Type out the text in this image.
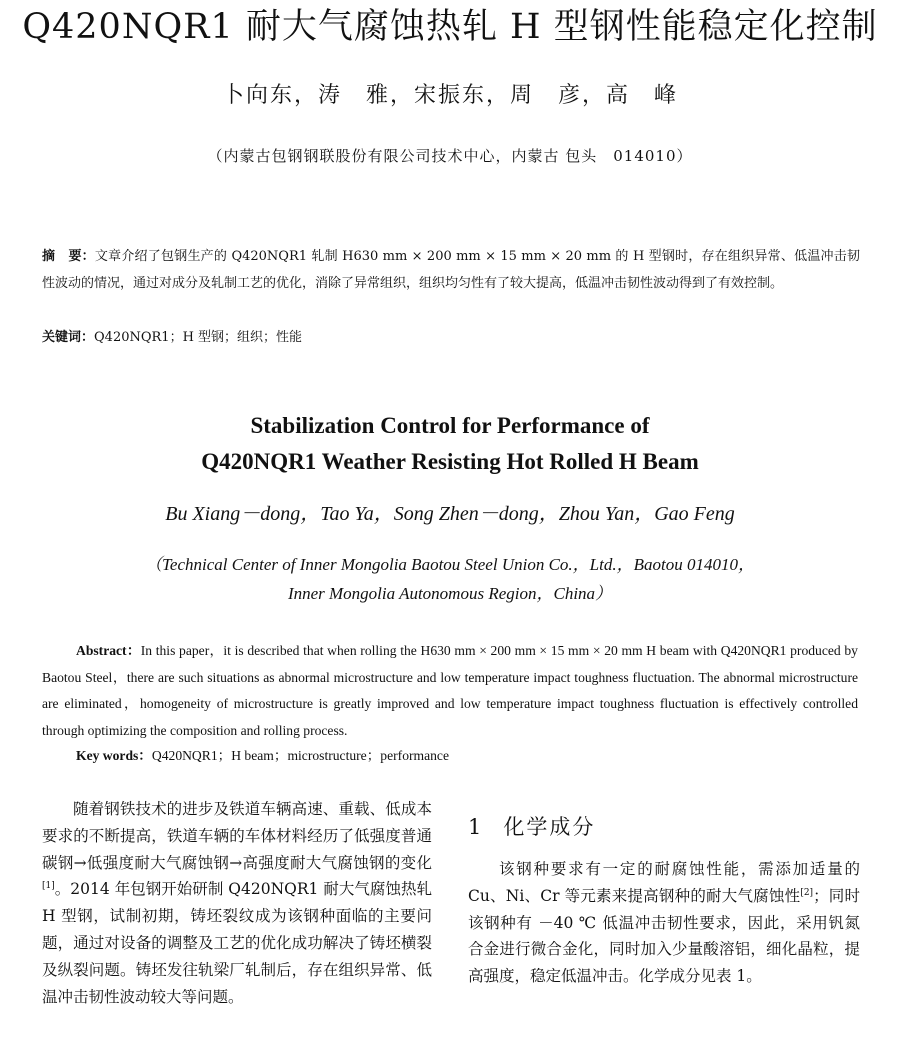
Q420NQR1 耐大气腐蚀热轧 H 型钢性能稳定化控制
卜向东，涛　雅，宋振东，周　彦，高　峰
（内蒙古包钢钢联股份有限公司技术中心，内蒙古 包头　014010）
摘　要：文章介绍了包钢生产的 Q420NQR1 轧制 H630 mm × 200 mm × 15 mm × 20 mm 的 H 型钢时，存在组织异常、低温冲击韧性波动的情况，通过对成分及轧制工艺的优化，消除了异常组织，组织均匀性有了较大提高，低温冲击韧性波动得到了有效控制。
关键词：Q420NQR1；H 型钢；组织；性能
Stabilization Control for Performance of
Q420NQR1 Weather Resisting Hot Rolled H Beam
Bu Xiang－dong，Tao Ya，Song Zhen－dong，Zhou Yan，Gao Feng
（Technical Center of Inner Mongolia Baotou Steel Union Co.，Ltd.，Baotou 014010，
Inner Mongolia Autonomous Region，China）
Abstract：In this paper，it is described that when rolling the H630 mm × 200 mm × 15 mm × 20 mm H beam with Q420NQR1 produced by Baotou Steel，there are such situations as abnormal microstructure and low temperature impact toughness fluctuation. The abnormal microstructure are eliminated，homogeneity of microstructure is greatly improved and low temperature impact toughness fluctuation is effectively controlled through optimizing the composition and rolling process.
Key words：Q420NQR1；H beam；microstructure；performance
随着钢铁技术的进步及铁道车辆高速、重载、低成本要求的不断提高，铁道车辆的车体材料经历了低强度普通碳钢→低强度耐大气腐蚀钢→高强度耐大气腐蚀钢的变化[1]。2014 年包钢开始研制 Q420NQR1 耐大气腐蚀热轧 H 型钢，试制初期，铸坯裂纹成为该钢种面临的主要问题，通过对设备的调整及工艺的优化成功解决了铸坯横裂及纵裂问题。铸坯发往轨梁厂轧制后，存在组织异常、低温冲击韧性波动较大等问题。
1 化学成分

该钢种要求有一定的耐腐蚀性能，需添加适量的 Cu、Ni、Cr 等元素来提高钢种的耐大气腐蚀性[2]；同时该钢种有 －40 ℃ 低温冲击韧性要求，因此，采用钒氮合金进行微合金化，同时加入少量酸溶铝，细化晶粒，提高强度，稳定低温冲击。化学成分见表 1。
